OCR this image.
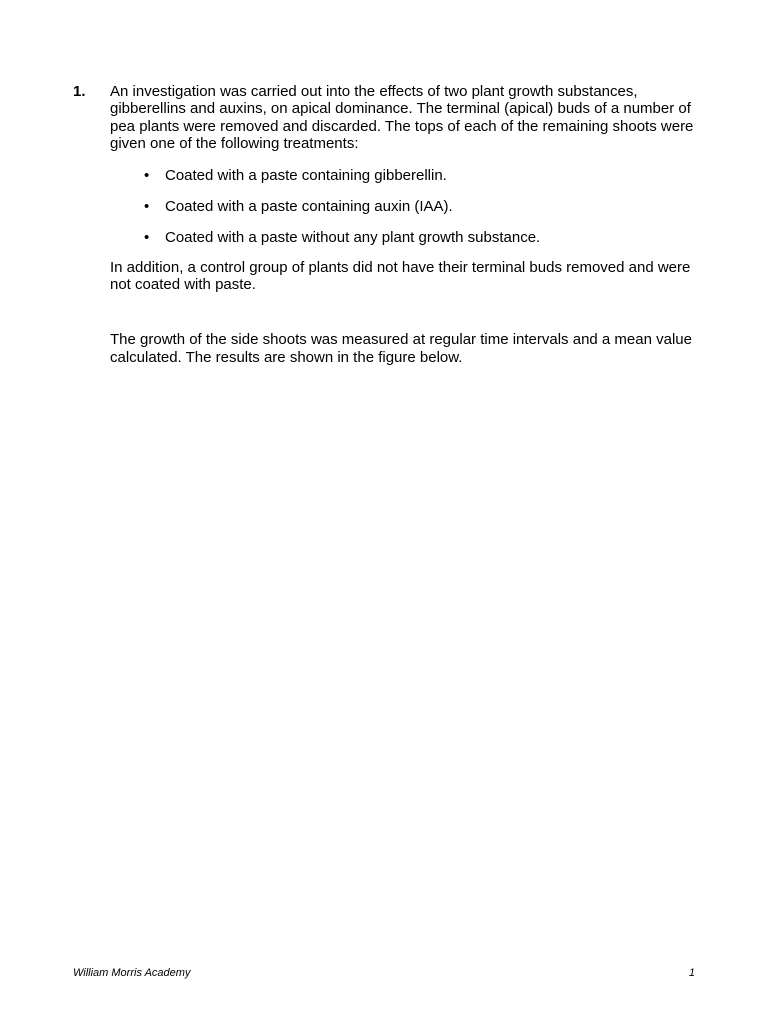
1. An investigation was carried out into the effects of two plant growth substances, gibberellins and auxins, on apical dominance. The terminal (apical) buds of a number of pea plants were removed and discarded. The tops of each of the remaining shoots were given one of the following treatments:

• Coated with a paste containing gibberellin.
• Coated with a paste containing auxin (IAA).
• Coated with a paste without any plant growth substance.

In addition, a control group of plants did not have their terminal buds removed and were not coated with paste.

The growth of the side shoots was measured at regular time intervals and a mean value calculated. The results are shown in the figure below.

William Morris Academy	1
